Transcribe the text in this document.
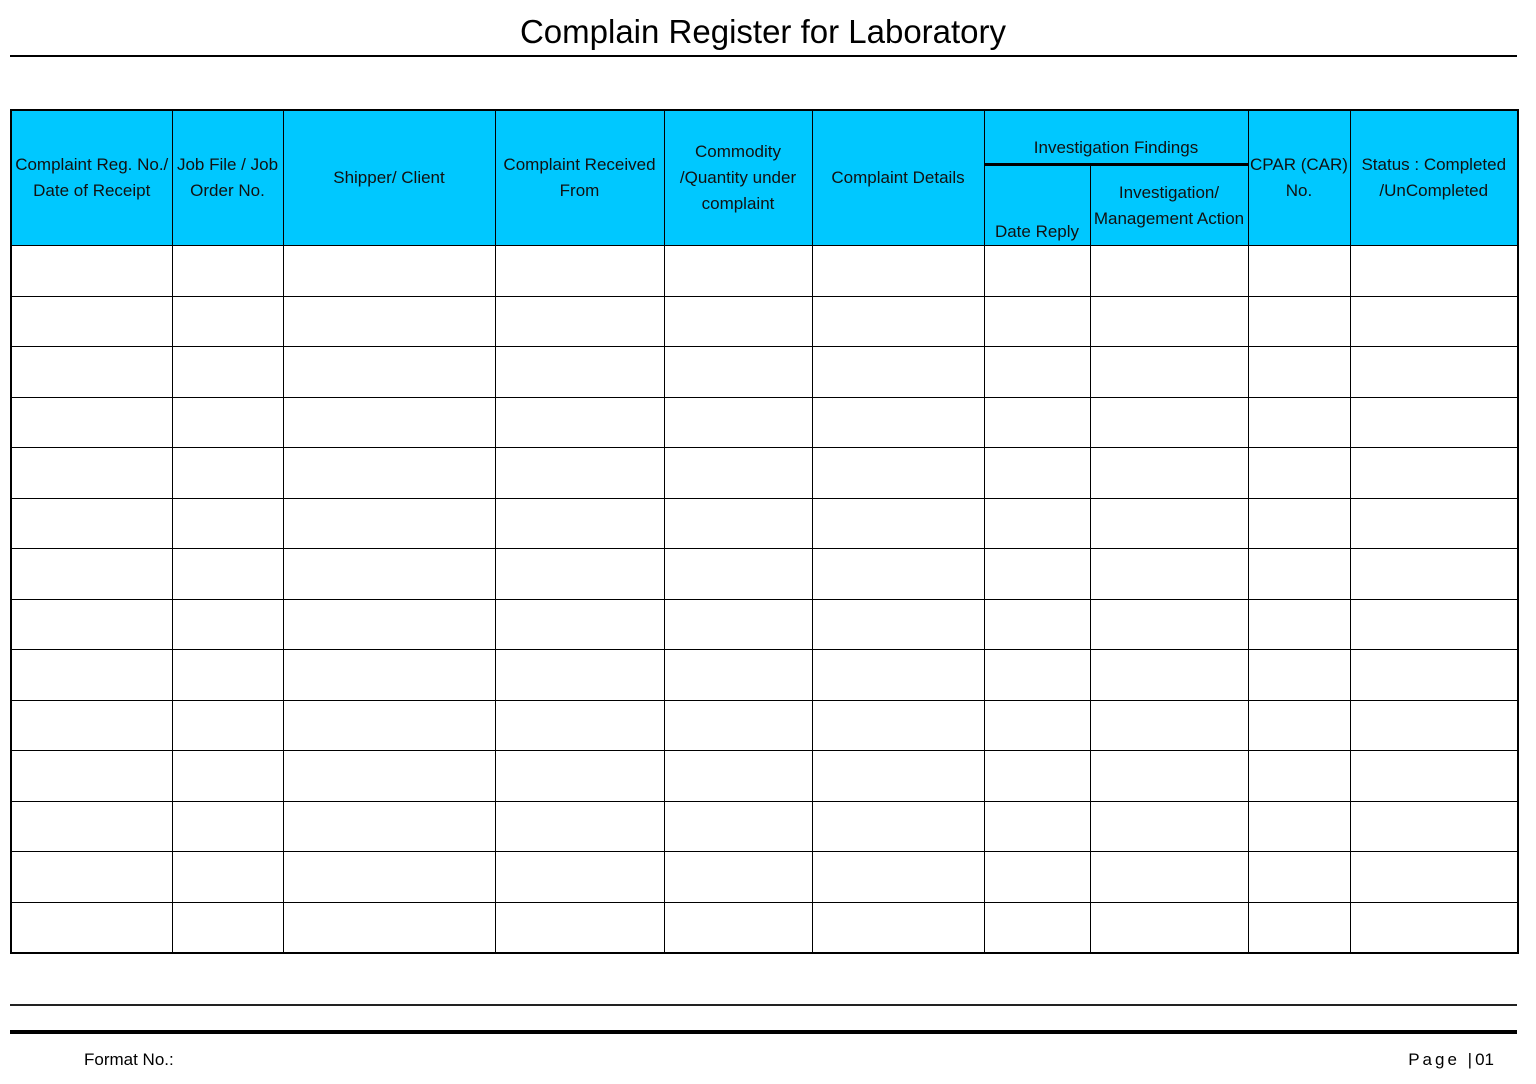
Complain Register for Laboratory
Complaint Reg. No./ Date of Receipt	Job File / Job Order No.	Shipper/ Client	Complaint Received From	Commodity /Quantity under complaint	Complaint Details	Investigation Findings		CPAR (CAR) No.	Status : Completed /UnCompleted
						Date Reply	Investigation/ Management Action		

Format No.:	Page |01
